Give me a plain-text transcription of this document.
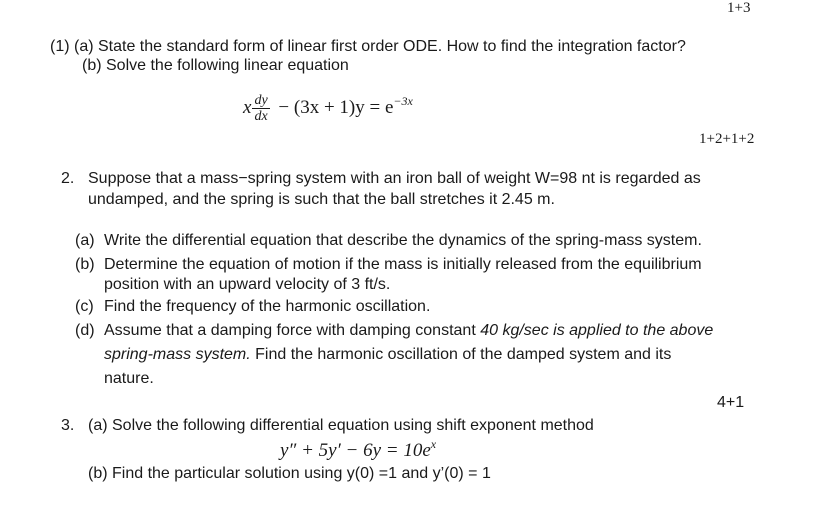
1+3
(1) (a) State the standard form of linear first order ODE. How to find the integration factor?
(b) Solve the following linear equation
x $\frac{dy}{dx} - (3x + 1)y = e^{-3x}$
1+2+1+2
2. Suppose that a mass−spring system with an iron ball of weight W=98 nt is regarded as
undamped, and the spring is such that the ball stretches it 2.45 m.
(a) Write the differential equation that describe the dynamics of the spring-mass system.
(b) Determine the equation of motion if the mass is initially released from the equilibrium
position with an upward velocity of 3 ft/s.
(c) Find the frequency of the harmonic oscillation.
(d) Assume that a damping force with damping constant 40 kg/sec is applied to the above
spring-mass system. Find the harmonic oscillation of the damped system and its
nature.
4+1
3. (a) Solve the following differential equation using shift exponent method
$y'' + 5y' - 6y = 10e^x$
(b) Find the particular solution using y(0) =1 and y’(0) = 1
